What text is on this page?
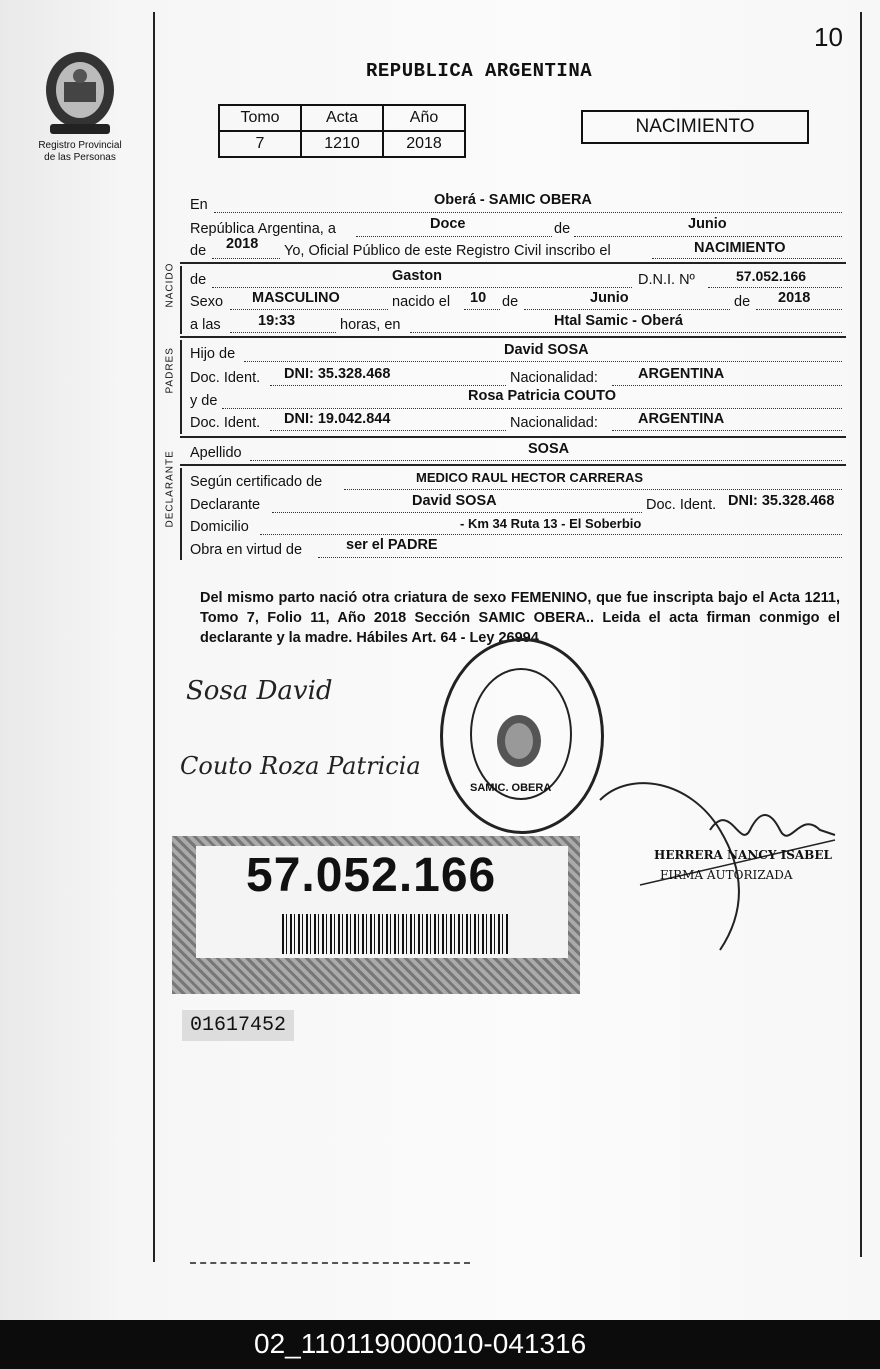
10
Registro Provincial
de las Personas
REPUBLICA ARGENTINA
Tomo	Acta	Año
7	1210	2018
NACIMIENTO
En	Oberá - SAMIC OBERA
República Argentina, a	Doce	de	Junio
de 2018 Yo, Oficial Público de este Registro Civil inscribo el	NACIMIENTO
de	Gaston	D.N.I. Nº	57.052.166
Sexo MASCULINO	nacido el 10 de	Junio	de 2018
a las	19:33	horas, en	Htal Samic - Oberá
Hijo de	David SOSA
Doc. Ident. DNI: 35.328.468	Nacionalidad:	ARGENTINA
y de	Rosa Patricia COUTO
Doc. Ident. DNI: 19.042.844	Nacionalidad:	ARGENTINA
Apellido	SOSA
Según certificado de	MEDICO RAUL HECTOR CARRERAS
Declarante	David SOSA	Doc. Ident. DNI: 35.328.468
Domicilio	- Km 34 Ruta 13 - El Soberbio
Obra en virtud de	ser el PADRE
Del mismo parto nació otra criatura de sexo FEMENINO, que fue inscripta bajo el Acta 1211, Tomo 7, Folio 11, Año 2018 Sección SAMIC OBERA.. Leida el acta firman conmigo el declarante y la madre. Hábiles Art. 64 - Ley 26994
Sosa David
Couto Roza Patricia
SAMIC. OBERA
HERRERA NANCY ISABEL
FIRMA AUTORIZADA
57.052.166
01617452
02_110119000010-041316
